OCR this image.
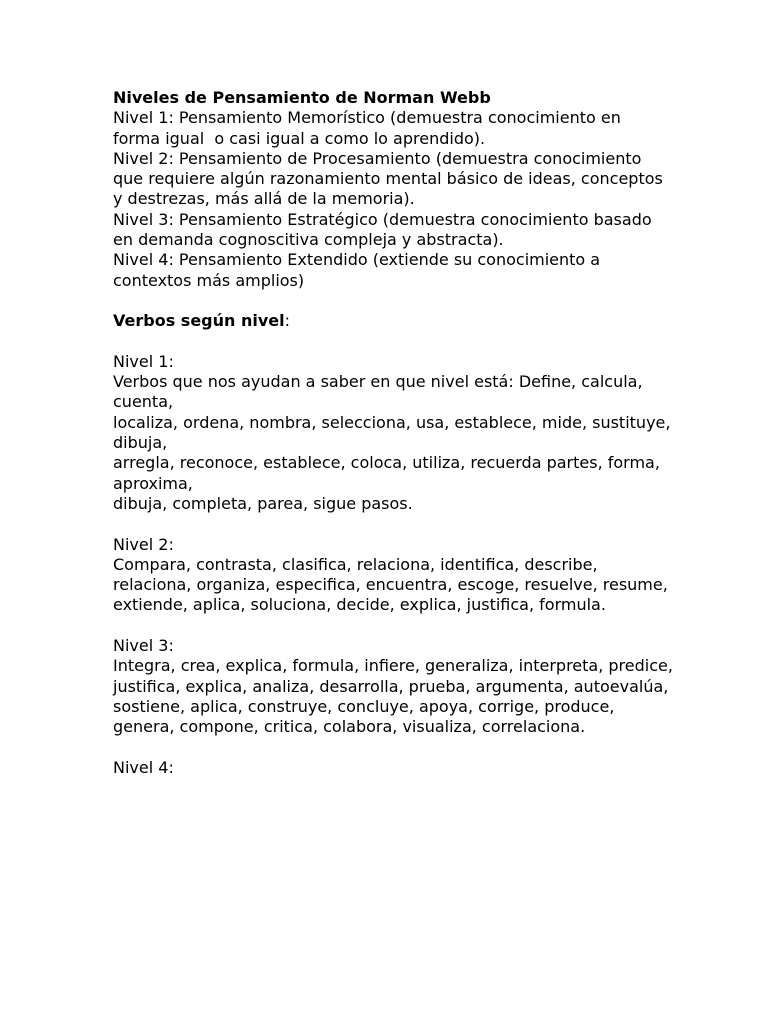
Niveles de Pensamiento de Norman Webb

Nivel 1: Pensamiento Memorístico (demuestra conocimiento en forma igual  o casi igual a como lo aprendido).

Nivel 2: Pensamiento de Procesamiento (demuestra conocimiento que requiere algún razonamiento mental básico de ideas, conceptos y destrezas, más allá de la memoria).

Nivel 3: Pensamiento Estratégico (demuestra conocimiento basado en demanda cognoscitiva compleja y abstracta).

Nivel 4: Pensamiento Extendido (extiende su conocimiento a contextos más amplios)

Verbos según nivel:

Nivel 1:

Verbos que nos ayudan a saber en que nivel está: Define, calcula, cuenta,

localiza, ordena, nombra, selecciona, usa, establece, mide, sustituye, dibuja,

arregla, reconoce, establece, coloca, utiliza, recuerda partes, forma, aproxima,

dibuja, completa, parea, sigue pasos.

Nivel 2:

Compara, contrasta, clasifica, relaciona, identifica, describe, relaciona, organiza, especifica, encuentra, escoge, resuelve, resume, extiende, aplica, soluciona, decide, explica, justifica, formula.

Nivel 3:

Integra, crea, explica, formula, infiere, generaliza, interpreta, predice, justifica, explica, analiza, desarrolla, prueba, argumenta, autoevalúa, sostiene, aplica, construye, concluye, apoya, corrige, produce, genera, compone, critica, colabora, visualiza, correlaciona.

Nivel 4:
